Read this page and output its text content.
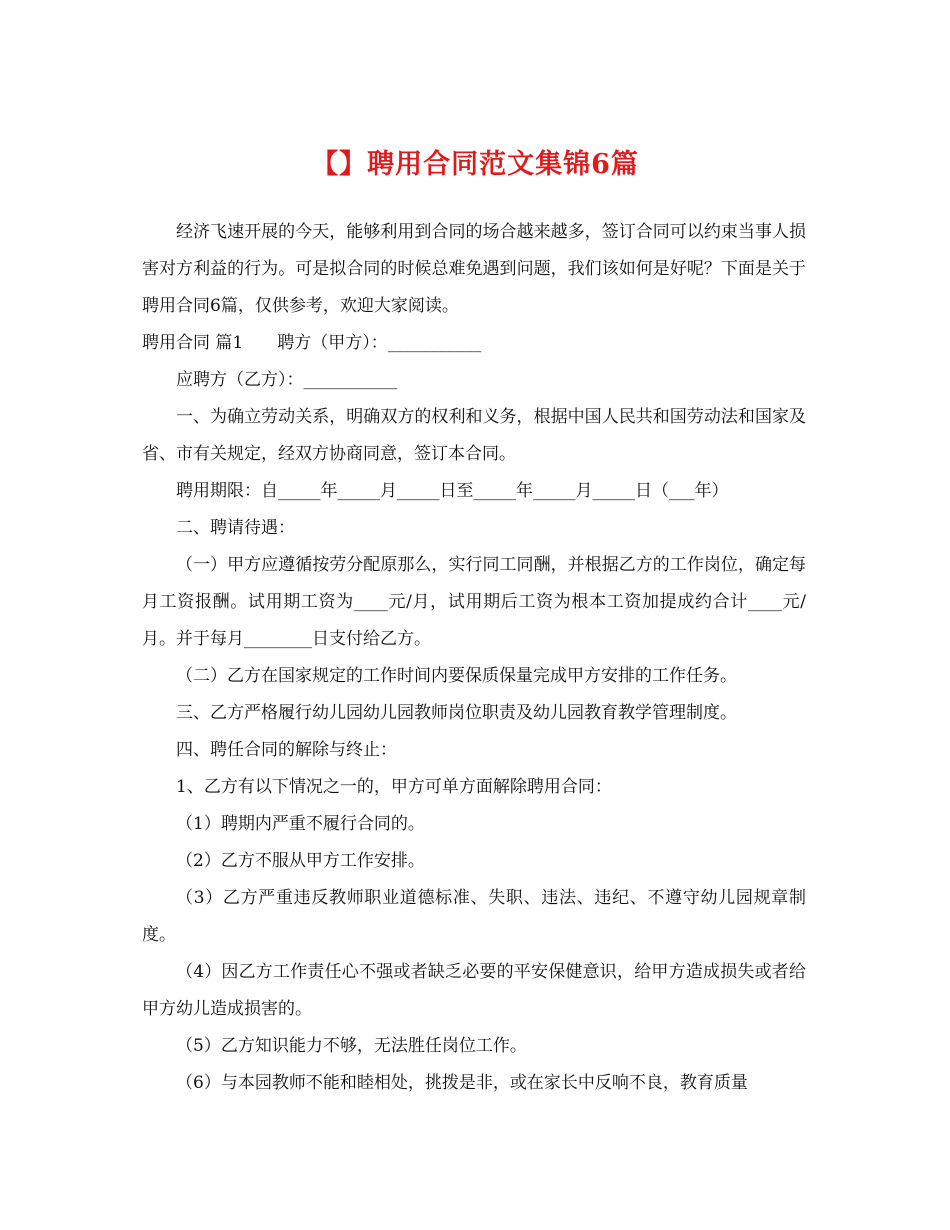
【】聘用合同范文集锦6篇

经济飞速开展的今天，能够利用到合同的场合越来越多，签订合同可以约束当事人损害对方利益的行为。可是拟合同的时候总难免遇到问题，我们该如何是好呢？下面是关于聘用合同6篇，仅供参考，欢迎大家阅读。

聘用合同 篇1 聘方（甲方）：___________

应聘方（乙方）：___________

一、为确立劳动关系，明确双方的权利和义务，根据中国人民共和国劳动法和国家及省、市有关规定，经双方协商同意，签订本合同。

聘用期限：自_____年_____月_____日至_____年_____月_____日（___年）

二、聘请待遇：

（一）甲方应遵循按劳分配原那么，实行同工同酬，并根据乙方的工作岗位，确定每月工资报酬。试用期工资为____元/月，试用期后工资为根本工资加提成约合计____元/月。并于每月________日支付给乙方。

（二）乙方在国家规定的工作时间内要保质保量完成甲方安排的工作任务。

三、乙方严格履行幼儿园幼儿园教师岗位职责及幼儿园教育教学管理制度。

四、聘任合同的解除与终止：

1、乙方有以下情况之一的，甲方可单方面解除聘用合同：

（1）聘期内严重不履行合同的。

（2）乙方不服从甲方工作安排。

（3）乙方严重违反教师职业道德标准、失职、违法、违纪、不遵守幼儿园规章制度。

（4）因乙方工作责任心不强或者缺乏必要的平安保健意识，给甲方造成损失或者给甲方幼儿造成损害的。

（5）乙方知识能力不够，无法胜任岗位工作。

（6）与本园教师不能和睦相处，挑拨是非，或在家长中反响不良，教育质量
